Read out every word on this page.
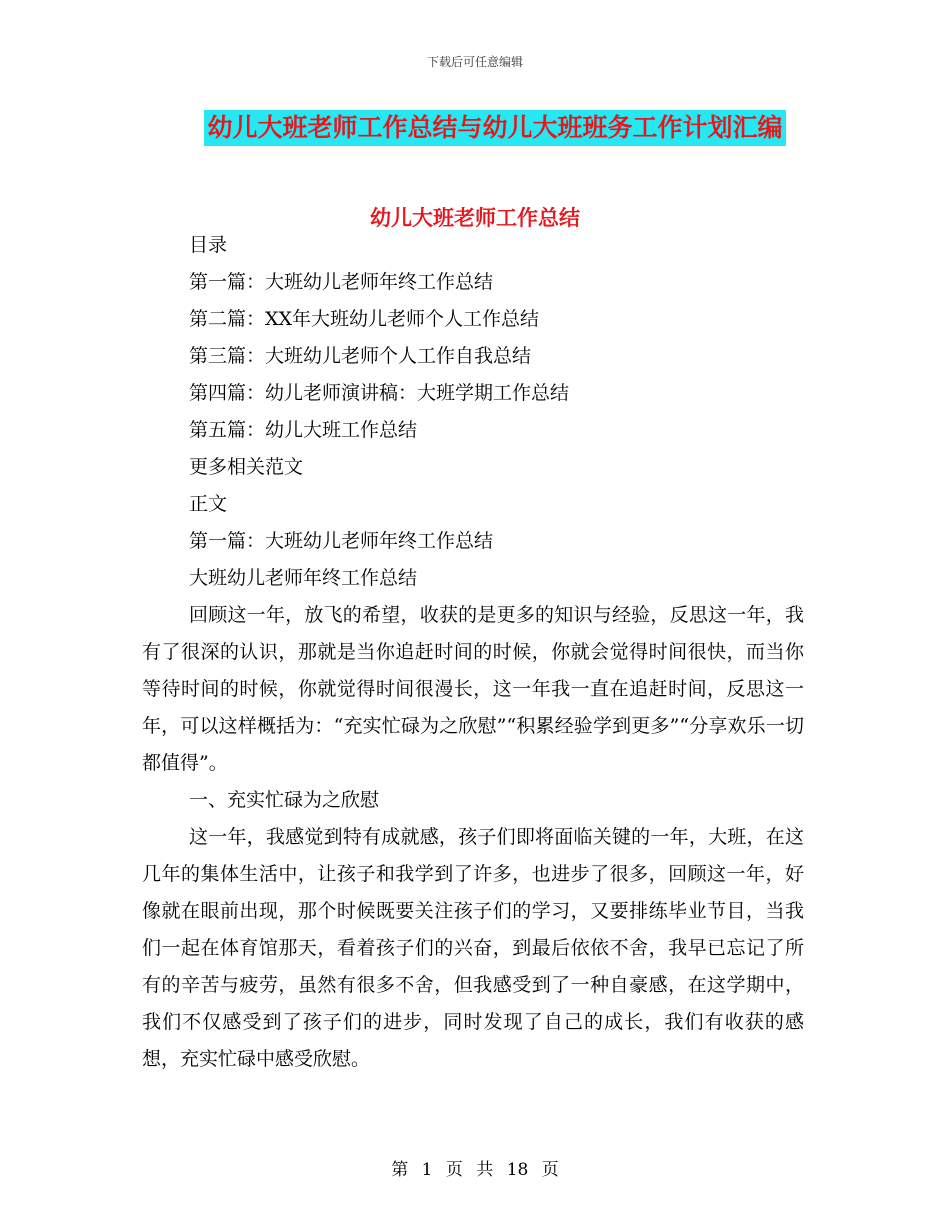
下载后可任意编辑
幼儿大班老师工作总结与幼儿大班班务工作计划汇编
幼儿大班老师工作总结

目录

第一篇：大班幼儿老师年终工作总结

第二篇：XX年大班幼儿老师个人工作总结

第三篇：大班幼儿老师个人工作自我总结

第四篇：幼儿老师演讲稿：大班学期工作总结

第五篇：幼儿大班工作总结

更多相关范文

正文

第一篇：大班幼儿老师年终工作总结

大班幼儿老师年终工作总结

回顾这一年，放飞的希望，收获的是更多的知识与经验，反思这一年，我有了很深的认识，那就是当你追赶时间的时候，你就会觉得时间很快，而当你等待时间的时候，你就觉得时间很漫长，这一年我一直在追赶时间，反思这一年，可以这样概括为：“充实忙碌为之欣慰”“积累经验学到更多”“分享欢乐一切都值得”。

一、充实忙碌为之欣慰

这一年，我感觉到特有成就感，孩子们即将面临关键的一年，大班，在这几年的集体生活中，让孩子和我学到了许多，也进步了很多，回顾这一年，好像就在眼前出现，那个时候既要关注孩子们的学习，又要排练毕业节目，当我们一起在体育馆那天，看着孩子们的兴奋，到最后依依不舍，我早已忘记了所有的辛苦与疲劳，虽然有很多不舍，但我感受到了一种自豪感，在这学期中，我们不仅感受到了孩子们的进步，同时发现了自己的成长，我们有收获的感想，充实忙碌中感受欣慰。

第 1 页 共 18 页
